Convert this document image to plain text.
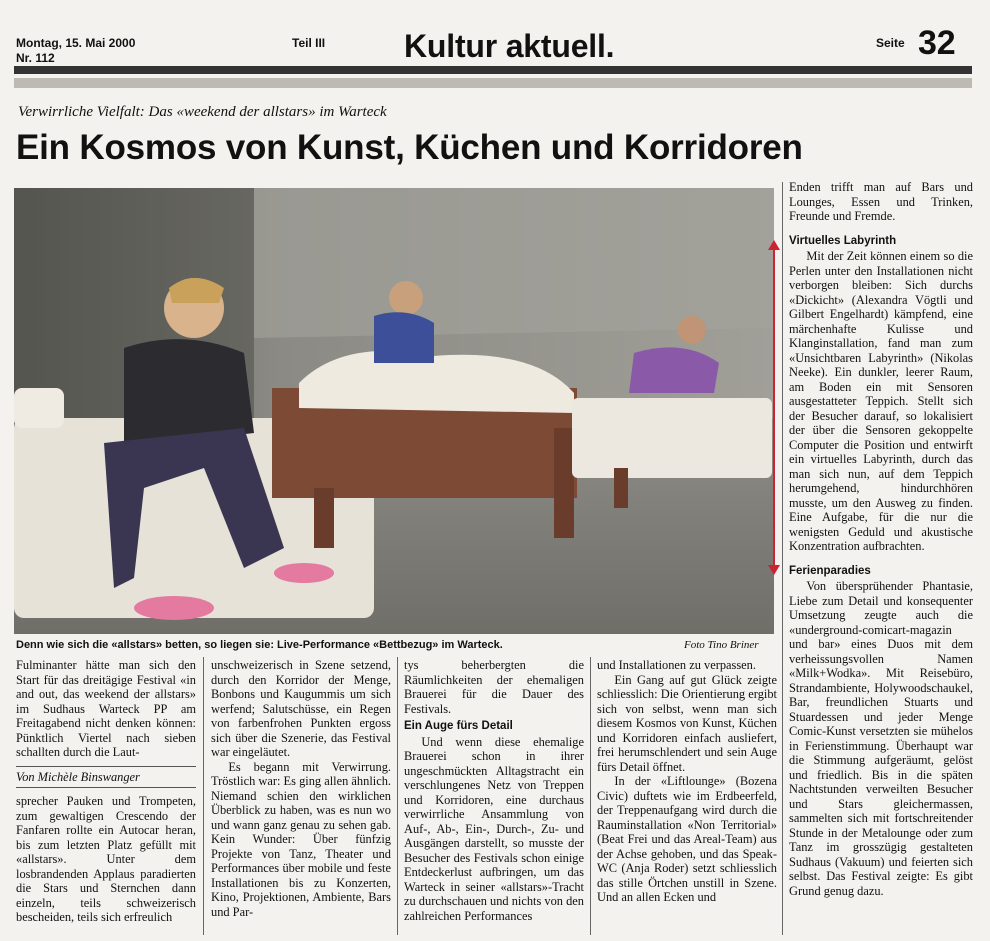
Montag, 15. Mai 2000
Nr. 112
Teil III Kultur aktuell.	Seite 32
Verwirrliche Vielfalt: Das «weekend der allstars» im Warteck
Ein Kosmos von Kunst, Küchen und Korridoren
Denn wie sich die «allstars» betten, so liegen sie: Live-Performance «Bettbezug» im Warteck.	Foto Tino Briner

Fulminanter hätte man sich den Start für das dreitägige Festival «in and out, das weekend der allstars» im Sudhaus Warteck PP am Freitagabend nicht denken können: Pünktlich Viertel nach sieben schallten durch die Laut-

Von Michèle Binswanger

sprecher Pauken und Trompeten, zum gewaltigen Crescendo der Fanfaren rollte ein Autocar heran, bis zum letzten Platz gefüllt mit «allstars». Unter dem losbrandenden Applaus paradierten die Stars und Sternchen dann einzeln, teils schweizerisch bescheiden, teils sich erfreulich

unschweizerisch in Szene setzend, durch den Korridor der Menge, Bonbons und Kaugummis um sich werfend; Salutschüsse, ein Regen von farbenfrohen Punkten ergoss sich über die Szenerie, das Festival war eingeläutet.

Es begann mit Verwirrung. Tröstlich war: Es ging allen ähnlich. Niemand schien den wirklichen Überblick zu haben, was es nun wo und wann ganz genau zu sehen gab. Kein Wunder: Über fünfzig Projekte von Tanz, Theater und Performances über mobile und feste Installationen bis zu Konzerten, Kino, Projektionen, Ambiente, Bars und Par-

tys beherbergten die Räumlichkeiten der ehemaligen Brauerei für die Dauer des Festivals.

Ein Auge fürs Detail

Und wenn diese ehemalige Brauerei schon in ihrer ungeschmückten Alltagstracht ein verschlungenes Netz von Treppen und Korridoren, eine durchaus verwirrliche Ansammlung von Auf-, Ab-, Ein-, Durch-, Zu- und Ausgängen darstellt, so musste der Besucher des Festivals schon einige Entdeckerlust aufbringen, um das Warteck in seiner «allstars»-Tracht zu durchschauen und nichts von den zahlreichen Performances

und Installationen zu verpassen.

Ein Gang auf gut Glück zeigte schliesslich: Die Orientierung ergibt sich von selbst, wenn man sich diesem Kosmos von Kunst, Küchen und Korridoren einfach ausliefert, frei herumschlendert und sein Auge fürs Detail öffnet.

In der «Liftlounge» (Bozena Civic) duftets wie im Erdbeerfeld, der Treppenaufgang wird durch die Rauminstallation «Non Territorial» (Beat Frei und das Areal-Team) aus der Achse gehoben, und das Speak-WC (Anja Roder) setzt schliesslich das stille Örtchen unstill in Szene. Und an allen Ecken und

Enden trifft man auf Bars und Lounges, Essen und Trinken, Freunde und Fremde.

Virtuelles Labyrinth

Mit der Zeit können einem so die Perlen unter den Installationen nicht verborgen bleiben: Sich durchs «Dickicht» (Alexandra Vögtli und Gilbert Engelhardt) kämpfend, eine märchenhafte Kulisse und Klanginstallation, fand man zum «Unsichtbaren Labyrinth» (Nikolas Neeke). Ein dunkler, leerer Raum, am Boden ein mit Sensoren ausgestatteter Teppich. Stellt sich der Besucher darauf, so lokalisiert der über die Sensoren gekoppelte Computer die Position und entwirft ein virtuelles Labyrinth, durch das man sich nun, auf dem Teppich herumgehend, hindurchhören musste, um den Ausweg zu finden. Eine Aufgabe, für die nur die wenigsten Geduld und akustische Konzentration aufbrachten.

Ferienparadies

Von übersprühender Phantasie, Liebe zum Detail und konsequenter Umsetzung zeugte auch die «underground-comicart-magazin und bar» eines Duos mit dem verheissungsvollen Namen «Milk+Wodka». Mit Reisebüro, Strandambiente, Holywoodschaukel, Bar, freundlichen Stuarts und Stuardessen und jeder Menge Comic-Kunst versetzten sie mühelos in Ferienstimmung. Überhaupt war die Stimmung aufgeräumt, gelöst und friedlich. Bis in die späten Nachtstunden verweilten Besucher und Stars gleichermassen, sammelten sich mit fortschreitender Stunde in der Metalounge oder zum Tanz im grosszügig gestalteten Sudhaus (Vakuum) und feierten sich selbst. Das Festival zeigte: Es gibt Grund genug dazu.
